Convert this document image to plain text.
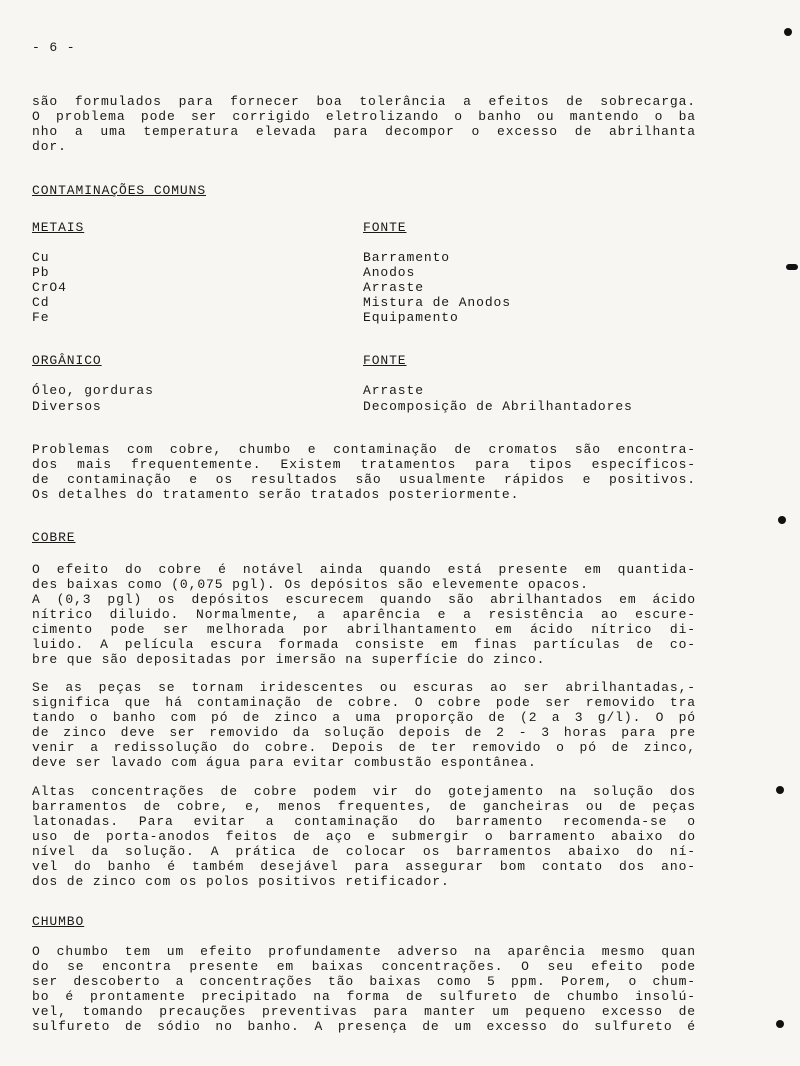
- 6 -
são formulados para fornecer boa tolerância a efeitos de sobrecarga.
O problema pode ser corrigido eletrolizando o banho ou mantendo o ba
nho a uma temperatura elevada para decompor o excesso de abrilhanta
dor.
CONTAMINAÇÕES COMUNS
METAIS	FONTE
Cu	Barramento
Pb	Anodos
CrO4	Arraste
Cd	Mistura de Anodos
Fe	Equipamento
ORGÂNICO	FONTE
Óleo, gorduras	Arraste
Diversos	Decomposição de Abrilhantadores
Problemas com cobre, chumbo e contaminação de cromatos são encontra-
dos mais frequentemente. Existem tratamentos para tipos específicos-
de contaminação e os resultados são usualmente rápidos e positivos.
Os detalhes do tratamento serão tratados posteriormente.
COBRE
O efeito do cobre é notável ainda quando está presente em quantida-
des baixas como (0,075 pgl). Os depósitos são elevemente opacos.
A (0,3 pgl) os depósitos escurecem quando são abrilhantados em ácido
nítrico diluido. Normalmente, a aparência e a resistência ao escure-
cimento pode ser melhorada por abrilhantamento em ácido nítrico di-
luido. A película escura formada consiste em finas partículas de co-
bre que são depositadas por imersão na superfície do zinco.
Se as peças se tornam iridescentes ou escuras ao ser abrilhantadas,-
significa que há contaminação de cobre. O cobre pode ser removido tra
tando o banho com pó de zinco a uma proporção de (2 a 3 g/l). O pó
de zinco deve ser removido da solução depois de 2 - 3 horas para pre
venir a redissolução do cobre. Depois de ter removido o pó de zinco,
deve ser lavado com água para evitar combustão espontânea.
Altas concentrações de cobre podem vir do gotejamento na solução dos
barramentos de cobre, e, menos frequentes, de gancheiras ou de peças
latonadas. Para evitar a contaminação do barramento recomenda-se o
uso de porta-anodos feitos de aço e submergir o barramento abaixo do
nível da solução. A prática de colocar os barramentos abaixo do ní-
vel do banho é também desejável para assegurar bom contato dos ano-
dos de zinco com os polos positivos retificador.
CHUMBO
O chumbo tem um efeito profundamente adverso na aparência mesmo quan
do se encontra presente em baixas concentrações. O seu efeito pode
ser descoberto a concentrações tão baixas como 5 ppm. Porem, o chum-
bo é prontamente precipitado na forma de sulfureto de chumbo insolú-
vel, tomando precauções preventivas para manter um pequeno excesso de
sulfureto de sódio no banho. A presença de um excesso do sulfureto é
